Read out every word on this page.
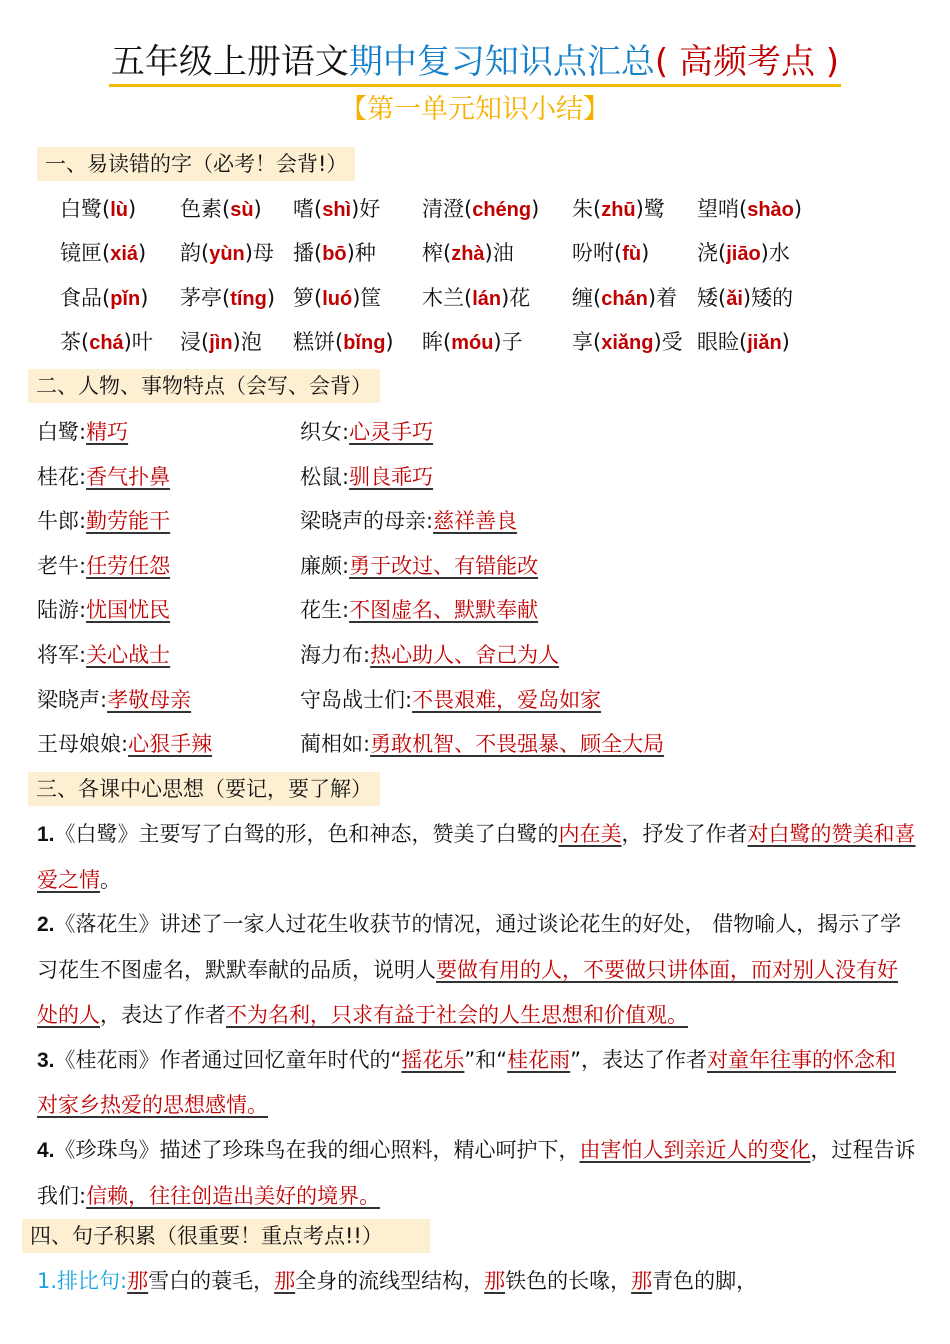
五年级上册语文期中复习知识点汇总( 高频考点 )
【第一单元知识小结】
一、易读错的字（必考！会背!）
白鹭(lù) 色素(sù) 嗜(shì)好 清澄(chéng) 朱(zhū)鹭 望哨(shào)
镜匣(xiá) 韵(yùn)母 播(bō)种 榨(zhà)油	吩咐(fù) 浇(jiāo)水
食品(pǐn) 茅亭(tíng) 箩(luó)筐 木兰(lán)花 缠(chán)着 矮(ǎi)矮的
茶(chá)叶 浸(jìn)泡 糕饼(bǐng) 眸(móu)子 享(xiǎng)受 眼睑(jiǎn)
二、人物、事物特点（会写、会背）
白鹭:精巧	织女:心灵手巧
桂花:香气扑鼻	松鼠:驯良乖巧
牛郎:勤劳能干	梁晓声的母亲:慈祥善良
老牛:任劳任怨	廉颇:勇于改过、有错能改
陆游:忧国忧民	花生:不图虚名、默默奉献
将军:关心战士	海力布:热心助人、舍己为人
梁晓声:孝敬母亲	守岛战士们:不畏艰难，爱岛如家
王母娘娘:心狠手辣	蔺相如:勇敢机智、不畏强暴、顾全大局
三、各课中心思想（要记，要了解）
1.《白鹭》主要写了白鸳的形，色和神态，赞美了白鹭的内在美，抒发了作者对白鹭的赞美和喜爱之情。
2.《落花生》讲述了一家人过花生收获节的情况，通过谈论花生的好处， 借物喻人，揭示了学习花生不图虚名，默默奉献的品质，说明人要做有用的人，不要做只讲体面，而对别人没有好处的人，表达了作者不为名利，只求有益于社会的人生思想和价值观。
3.《桂花雨》作者通过回忆童年时代的“摇花乐”和“桂花雨”，表达了作者对童年往事的怀念和对家乡热爱的思想感情。
4.《珍珠鸟》描述了珍珠鸟在我的细心照料，精心呵护下，由害怕人到亲近人的变化，过程告诉我们:信赖，往往创造出美好的境界。
四、句子积累（很重要！重点考点!!）
1.排比句:那雪白的蓑毛，那全身的流线型结构，那铁色的长喙，那青色的脚，
